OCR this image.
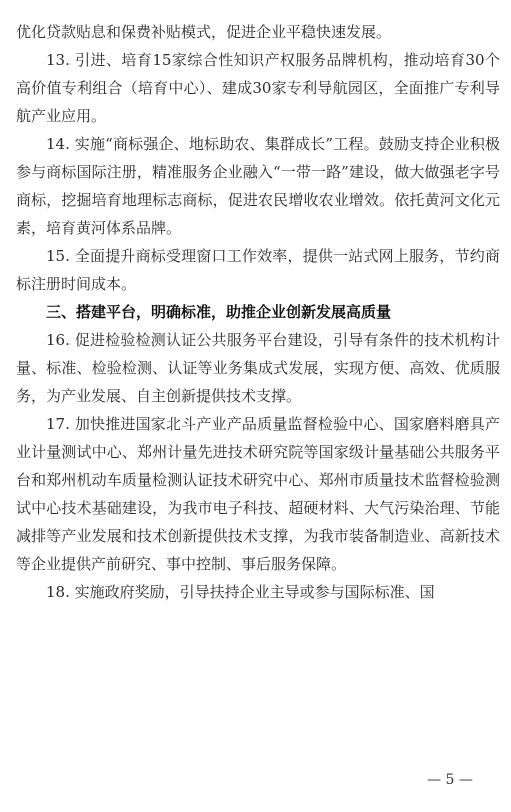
优化贷款贴息和保费补贴模式，促进企业平稳快速发展。

13. 引进、培育15家综合性知识产权服务品牌机构，推动培育30个高价值专利组合（培育中心）、建成30家专利导航园区，全面推广专利导航产业应用。

14. 实施“商标强企、地标助农、集群成长”工程。鼓励支持企业积极参与商标国际注册，精准服务企业融入“一带一路”建设，做大做强老字号商标，挖掘培育地理标志商标，促进农民增收农业增效。依托黄河文化元素，培育黄河体系品牌。

15. 全面提升商标受理窗口工作效率，提供一站式网上服务，节约商标注册时间成本。

三、搭建平台，明确标准，助推企业创新发展高质量

16. 促进检验检测认证公共服务平台建设，引导有条件的技术机构计量、标准、检验检测、认证等业务集成式发展，实现方便、高效、优质服务，为产业发展、自主创新提供技术支撑。

17. 加快推进国家北斗产业产品质量监督检验中心、国家磨料磨具产业计量测试中心、郑州计量先进技术研究院等国家级计量基础公共服务平台和郑州机动车质量检测认证技术研究中心、郑州市质量技术监督检验测试中心技术基础建设，为我市电子科技、超硬材料、大气污染治理、节能减排等产业发展和技术创新提供技术支撑，为我市装备制造业、高新技术等企业提供产前研究、事中控制、事后服务保障。

18. 实施政府奖励，引导扶持企业主导或参与国际标准、国

— 5 —
